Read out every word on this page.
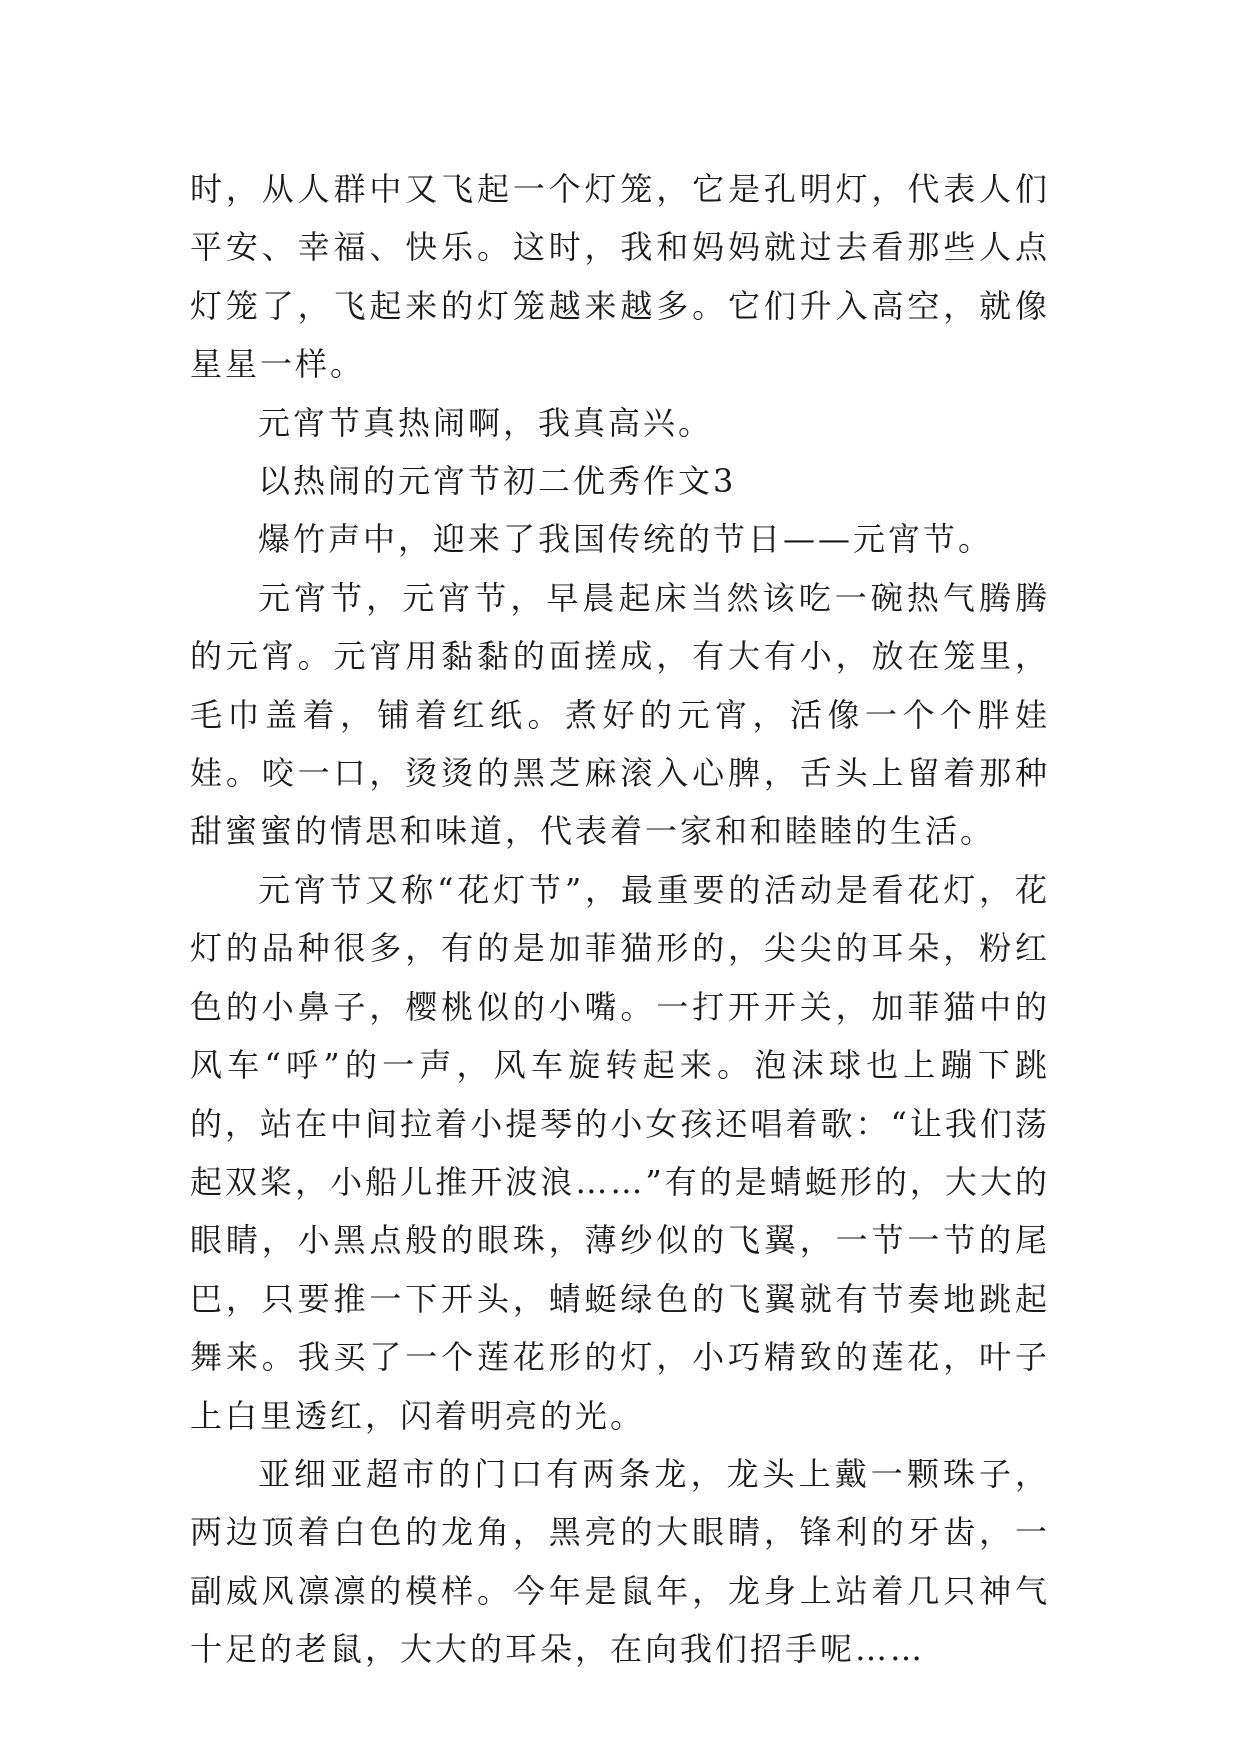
时，从人群中又飞起一个灯笼，它是孔明灯，代表人们平安、幸福、快乐。这时，我和妈妈就过去看那些人点灯笼了，飞起来的灯笼越来越多。它们升入高空，就像星星一样。

元宵节真热闹啊，我真高兴。

以热闹的元宵节初二优秀作文3

爆竹声中，迎来了我国传统的节日——元宵节。

元宵节，元宵节，早晨起床当然该吃一碗热气腾腾的元宵。元宵用黏黏的面搓成，有大有小，放在笼里，毛巾盖着，铺着红纸。煮好的元宵，活像一个个胖娃娃。咬一口，烫烫的黑芝麻滚入心脾，舌头上留着那种甜蜜蜜的情思和味道，代表着一家和和睦睦的生活。

元宵节又称“花灯节”，最重要的活动是看花灯，花灯的品种很多，有的是加菲猫形的，尖尖的耳朵，粉红色的小鼻子，樱桃似的小嘴。一打开开关，加菲猫中的风车“呼”的一声，风车旋转起来。泡沫球也上蹦下跳的，站在中间拉着小提琴的小女孩还唱着歌：“让我们荡起双桨，小船儿推开波浪……”有的是蜻蜓形的，大大的眼睛，小黑点般的眼珠，薄纱似的飞翼，一节一节的尾巴，只要推一下开头，蜻蜓绿色的飞翼就有节奏地跳起舞来。我买了一个莲花形的灯，小巧精致的莲花，叶子上白里透红，闪着明亮的光。

亚细亚超市的门口有两条龙，龙头上戴一颗珠子，两边顶着白色的龙角，黑亮的大眼睛，锋利的牙齿，一副威风凛凛的模样。今年是鼠年，龙身上站着几只神气十足的老鼠，大大的耳朵，在向我们招手呢……
